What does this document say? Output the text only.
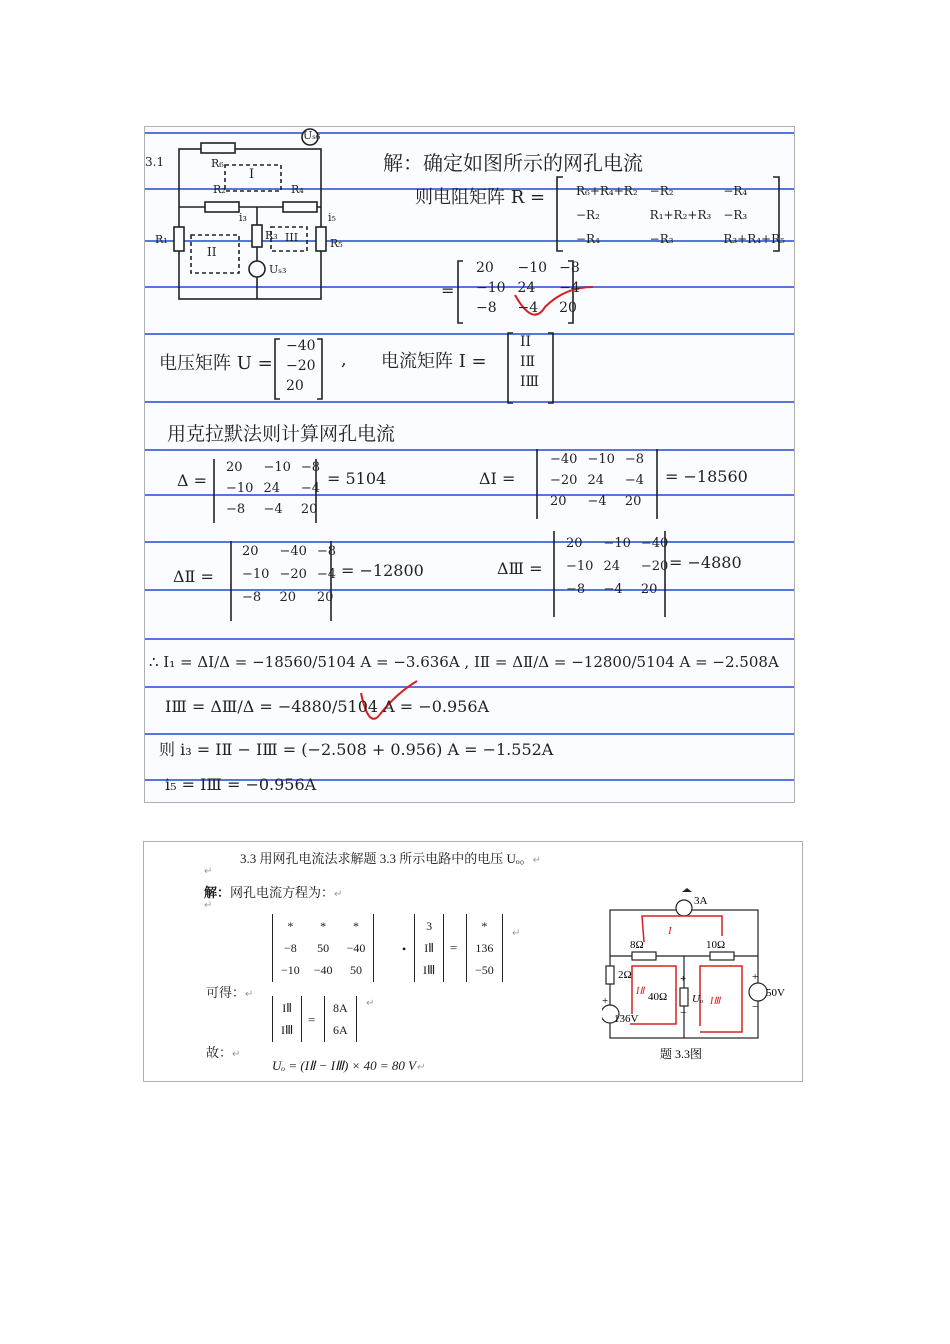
Uₛ₆
3.1	R₆
I
R₂	R₄
i₃	i₅
R₁
II
R₃ III	R₅
Uₛ₃
解：确定如图所示的网孔电流
则电阻矩阵 R =	R₆+R₄+R₂	−R₂	−R₄
−R₂	R₁+R₂+R₃	−R₃
−R₄	−R₃	R₃+R₄+R₅
=
20	−10	−8
−10	24	−4
−8	−4	20
电压矩阵 U =
−40
−20
20
, 电流矩阵 I =
IⅠ
IⅡ
IⅢ
用克拉默法则计算网孔电流
Δ =
20	−10	−8
−10	24	−4
−8	−4	20
= 5104	ΔⅠ =
−40	−10	−8
−20	24	−4
20	−4	20
= −18560
ΔⅡ =
20	−40	−8
−10	−20	−4
−8	20	20
= −12800	ΔⅢ =
20	−10	−40
−10	24	−20
−8	−4	20
= −4880
∴ I₁ = ΔⅠ/Δ = −18560/5104 A = −3.636A , IⅡ = ΔⅡ/Δ = −12800/5104 A = −2.508A
IⅢ = ΔⅢ/Δ = −4880/5104 A = −0.956A
则 i₃ = IⅡ − IⅢ = (−2.508 + 0.956) A = −1.552A
i₅ = IⅢ = −0.956A
3.3 用网孔电流法求解题 3.3 所示电路中的电压 Uₒ。↵
↵
解：网孔电流方程为：↵
↵
*	*	*
−8	50	−40
−10	−40	50
•
3
IⅡ
IⅢ
=
*
136
−50
↵
可得：↵
IⅡ
IⅢ
=
8A
6A
↵
故：↵
Uₒ = (IⅡ − IⅢ) × 40 = 80 V↵
3A
8Ω	10Ω
I
2Ω
IⅡ 40Ω
+
Uₒ
−
IⅢ
+
50V
−
+
136V
题 3.3图
